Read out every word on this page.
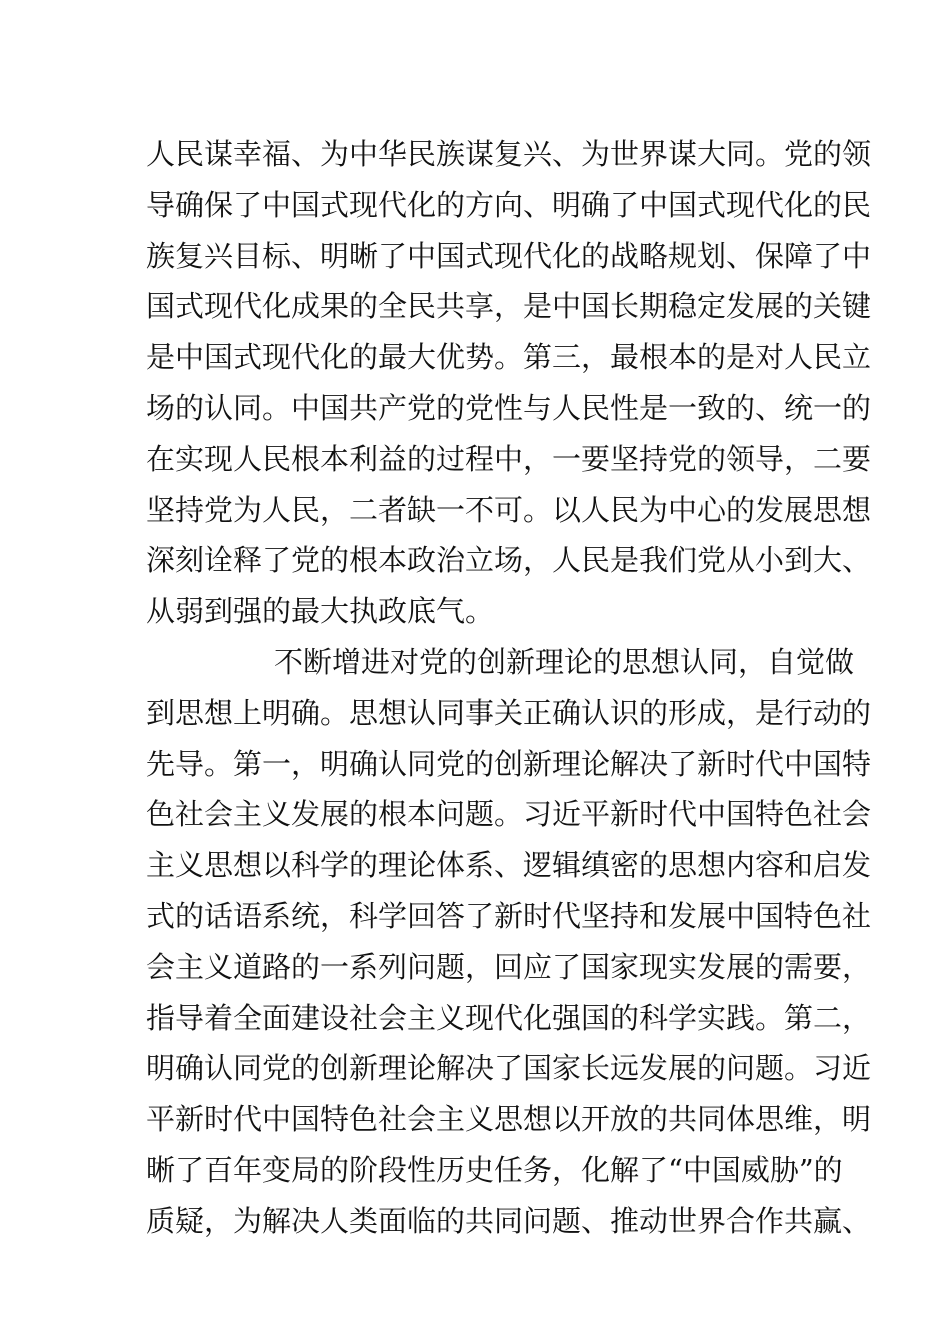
人民谋幸福、为中华民族谋复兴、为世界谋大同。党的领
导确保了中国式现代化的方向、明确了中国式现代化的民
族复兴目标、明晰了中国式现代化的战略规划、保障了中
国式现代化成果的全民共享，是中国长期稳定发展的关键
是中国式现代化的最大优势。第三，最根本的是对人民立
场的认同。中国共产党的党性与人民性是一致的、统一的
在实现人民根本利益的过程中，一要坚持党的领导，二要
坚持党为人民，二者缺一不可。以人民为中心的发展思想
深刻诠释了党的根本政治立场，人民是我们党从小到大、
从弱到强的最大执政底气。
不断增进对党的创新理论的思想认同，自觉做
到思想上明确。思想认同事关正确认识的形成，是行动的
先导。第一，明确认同党的创新理论解决了新时代中国特
色社会主义发展的根本问题。习近平新时代中国特色社会
主义思想以科学的理论体系、逻辑缜密的思想内容和启发
式的话语系统，科学回答了新时代坚持和发展中国特色社
会主义道路的一系列问题，回应了国家现实发展的需要，
指导着全面建设社会主义现代化强国的科学实践。第二，
明确认同党的创新理论解决了国家长远发展的问题。习近
平新时代中国特色社会主义思想以开放的共同体思维，明
晰了百年变局的阶段性历史任务，化解了“中国威胁”的
质疑，为解决人类面临的共同问题、推动世界合作共赢、
